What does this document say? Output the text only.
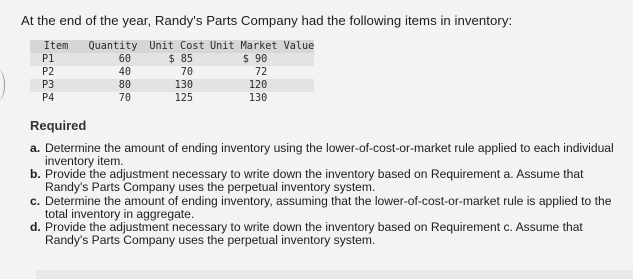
At the end of the year, Randy's Parts Company had the following items in inventory:
Item	Quantity	Unit Cost	Unit Market Value
P1	60	$ 85	$ 90
P2	40	70	72
P3	80	130	120
P4	70	125	130
Required
a. Determine the amount of ending inventory using the lower-of-cost-or-market rule applied to each individual inventory item.
b. Provide the adjustment necessary to write down the inventory based on Requirement a. Assume that Randy's Parts Company uses the perpetual inventory system.
c. Determine the amount of ending inventory, assuming that the lower-of-cost-or-market rule is applied to the total inventory in aggregate.
d. Provide the adjustment necessary to write down the inventory based on Requirement c. Assume that Randy's Parts Company uses the perpetual inventory system.
